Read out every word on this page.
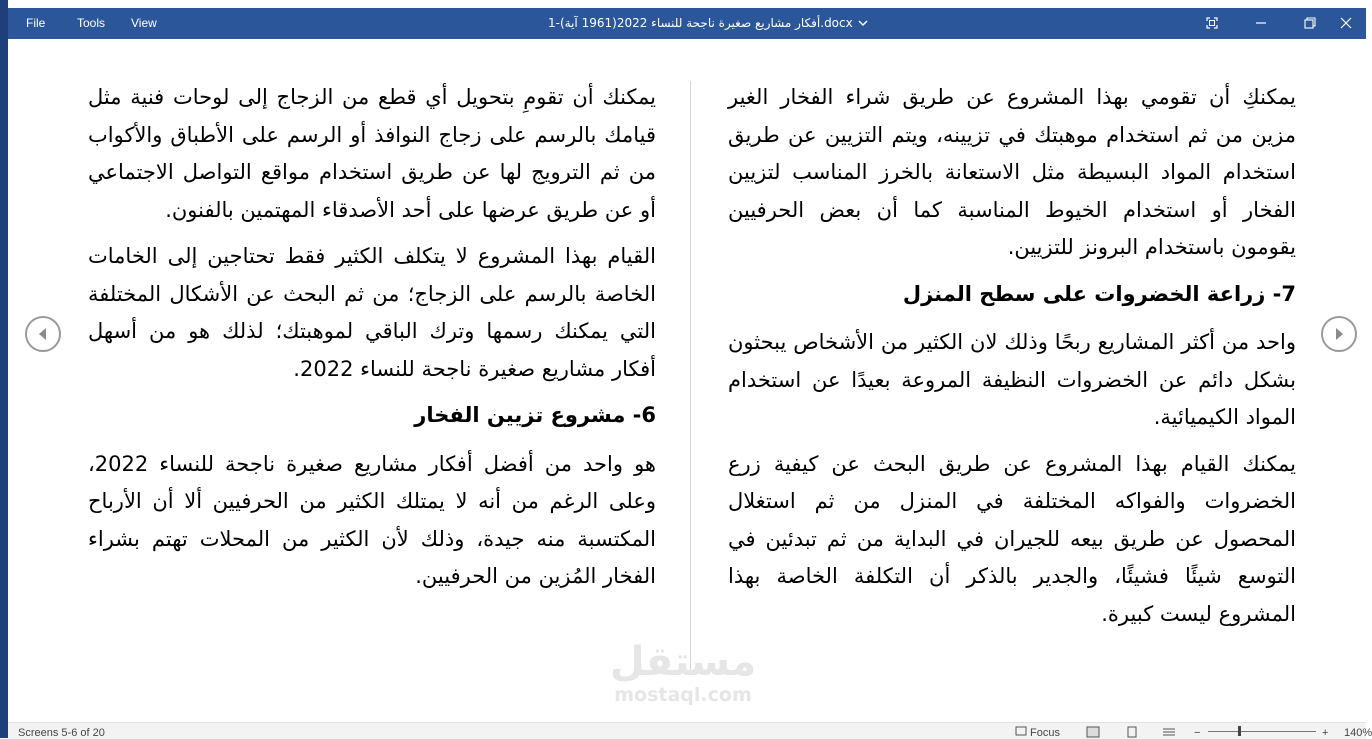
File	Tools View	1-أفكار مشاريع صغيرة ناجحة للنساء 2022(1961 آية).docx

يمكنكِ أن تقومي بهذا المشروع عن طريق شراء الفخار الغير مزين من ثم استخدام موهبتك في تزيينه، ويتم التزيين عن طريق استخدام المواد البسيطة مثل الاستعانة بالخرز المناسب لتزيين الفخار أو استخدام الخيوط المناسبة كما أن بعض الحرفيين يقومون باستخدام البرونز للتزيين.

7- زراعة الخضروات على سطح المنزل

واحد من أكثر المشاريع ربحًا وذلك لان الكثير من الأشخاص يبحثون بشكل دائم عن الخضروات النظيفة المروعة بعيدًا عن استخدام المواد الكيميائية.

يمكنك القيام بهذا المشروع عن طريق البحث عن كيفية زرع الخضروات والفواكه المختلفة في المنزل من ثم استغلال المحصول عن طريق بيعه للجيران في البداية من ثم تبدئين في التوسع شيئًا فشيئًا، والجدير بالذكر أن التكلفة الخاصة بهذا المشروع ليست كبيرة.

يمكنك أن تقومِ بتحويل أي قطع من الزجاج إلى لوحات فنية مثل قيامك بالرسم على زجاج النوافذ أو الرسم على الأطباق والأكواب من ثم الترويج لها عن طريق استخدام مواقع التواصل الاجتماعي أو عن طريق عرضها على أحد الأصدقاء المهتمين بالفنون.

القيام بهذا المشروع لا يتكلف الكثير فقط تحتاجين إلى الخامات الخاصة بالرسم على الزجاج؛ من ثم البحث عن الأشكال المختلفة التي يمكنك رسمها وترك الباقي لموهبتك؛ لذلك هو من أسهل أفكار مشاريع صغيرة ناجحة للنساء 2022.

6- مشروع تزيين الفخار

هو واحد من أفضل أفكار مشاريع صغيرة ناجحة للنساء 2022، وعلى الرغم من أنه لا يمتلك الكثير من الحرفيين ألا أن الأرباح المكتسبة منه جيدة، وذلك لأن الكثير من المحلات تهتم بشراء الفخار المُزين من الحرفيين.

مستقل
mostaql.com
Screens 5-6 of 20	Focus	−	+ 140%
